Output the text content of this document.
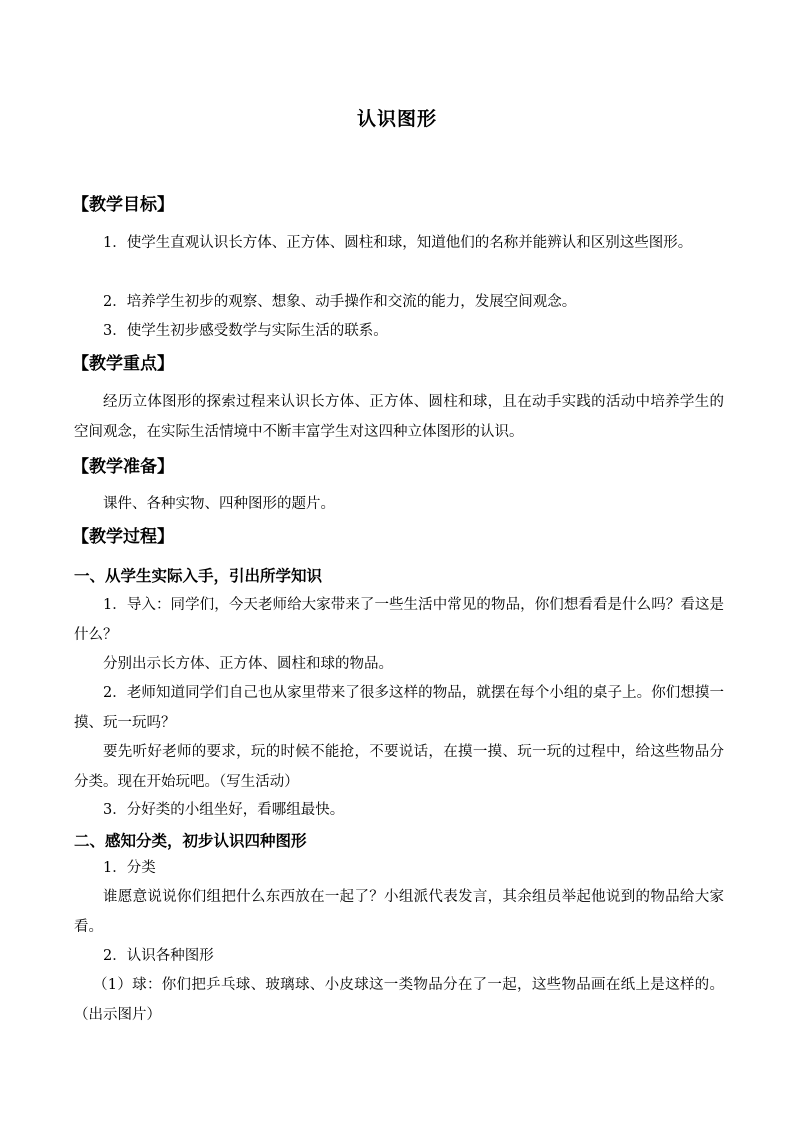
认识图形
【教学目标】
1．使学生直观认识长方体、正方体、圆柱和球，知道他们的名称并能辨认和区别这些图形。
2．培养学生初步的观察、想象、动手操作和交流的能力，发展空间观念。
3．使学生初步感受数学与实际生活的联系。
【教学重点】
经历立体图形的探索过程来认识长方体、正方体、圆柱和球，且在动手实践的活动中培养学生的空间观念，在实际生活情境中不断丰富学生对这四种立体图形的认识。
【教学准备】
课件、各种实物、四种图形的题片。
【教学过程】
一、从学生实际入手，引出所学知识
1．导入：同学们，今天老师给大家带来了一些生活中常见的物品，你们想看看是什么吗？看这是什么？
分别出示长方体、正方体、圆柱和球的物品。
2．老师知道同学们自己也从家里带来了很多这样的物品，就摆在每个小组的桌子上。你们想摸一摸、玩一玩吗？
要先听好老师的要求，玩的时候不能抢，不要说话，在摸一摸、玩一玩的过程中，给这些物品分分类。现在开始玩吧。（写生活动）
3．分好类的小组坐好，看哪组最快。
二、感知分类，初步认识四种图形
1．分类
谁愿意说说你们组把什么东西放在一起了？小组派代表发言，其余组员举起他说到的物品给大家看。
2．认识各种图形
（1）球：你们把乒乓球、玻璃球、小皮球这一类物品分在了一起，这些物品画在纸上是这样的。（出示图片）
